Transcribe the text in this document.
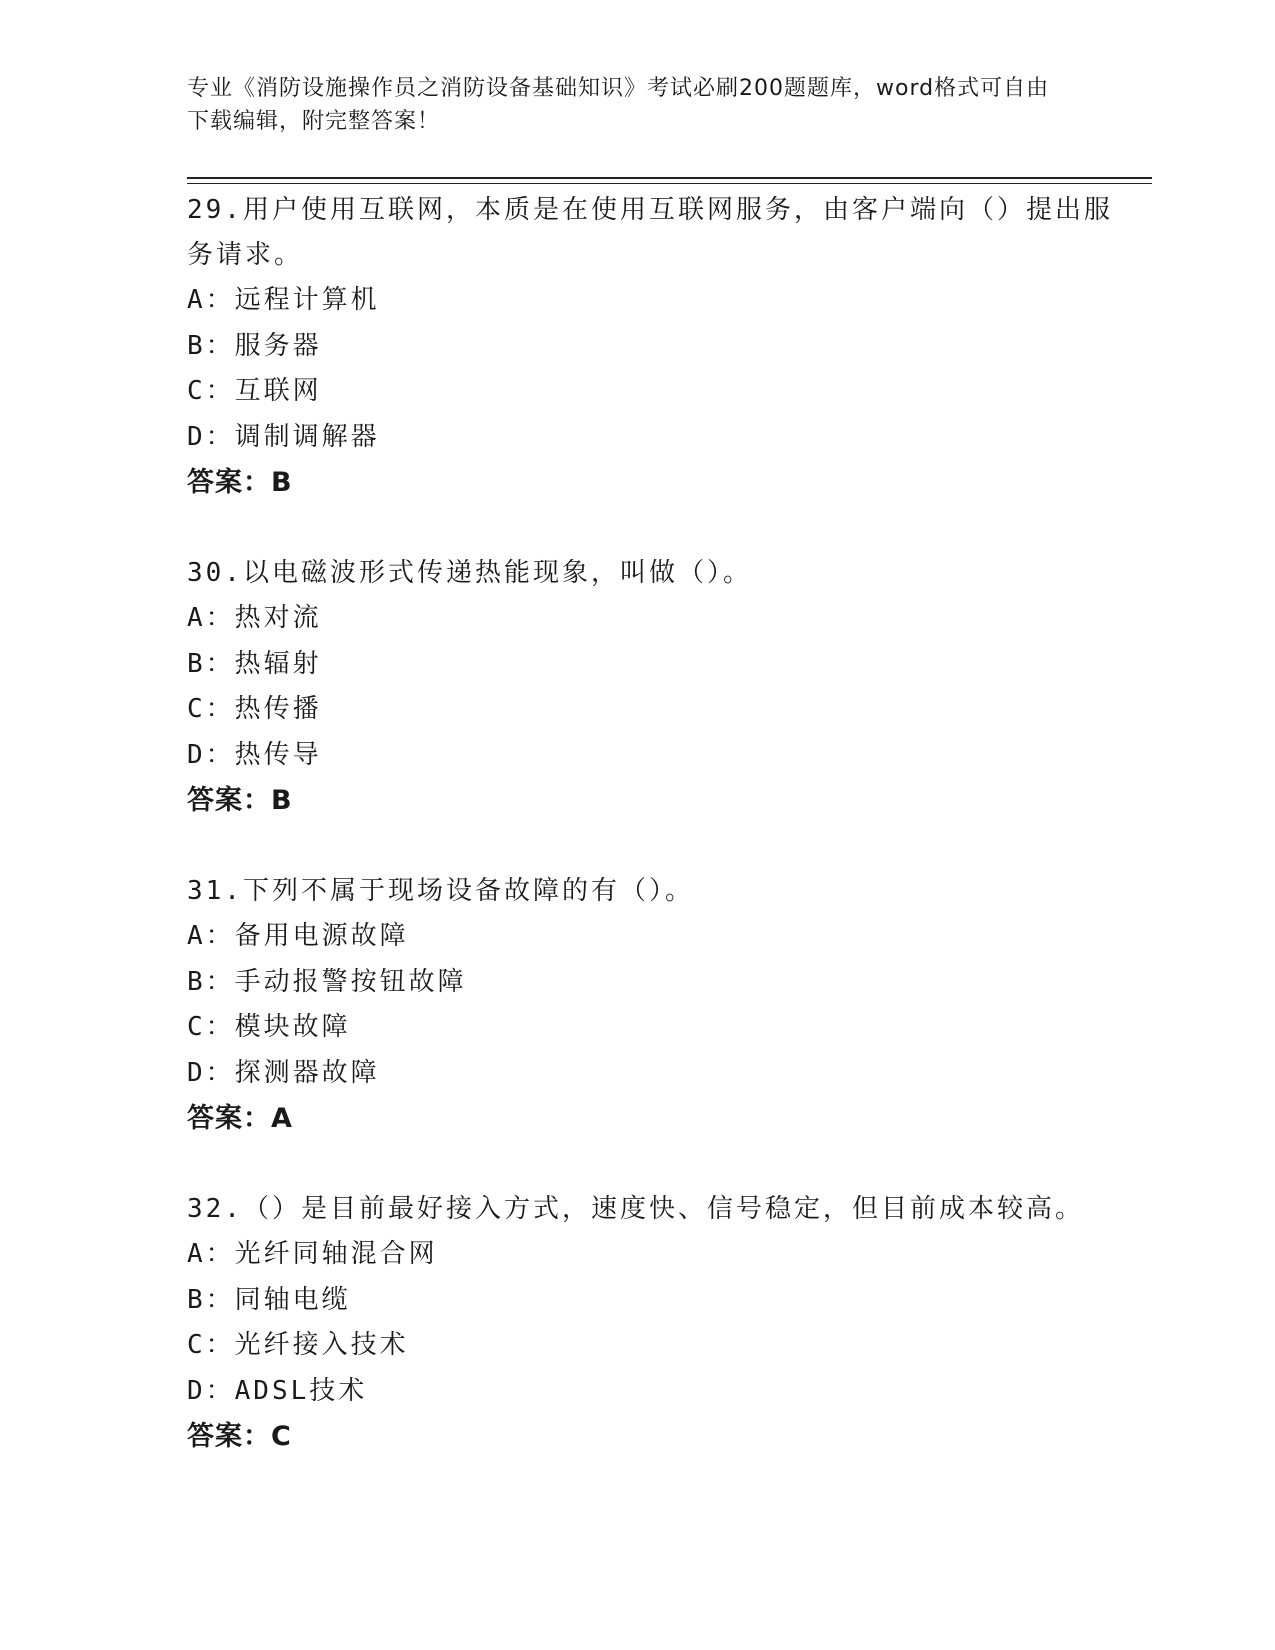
专业《消防设施操作员之消防设备基础知识》考试必刷200题题库，word格式可自由下载编辑，附完整答案！
29.用户使用互联网，本质是在使用互联网服务，由客户端向（）提出服务请求。
A：远程计算机
B：服务器
C：互联网
D：调制调解器
答案：B
30.以电磁波形式传递热能现象，叫做（）。
A：热对流
B：热辐射
C：热传播
D：热传导
答案：B
31.下列不属于现场设备故障的有（）。
A：备用电源故障
B：手动报警按钮故障
C：模块故障
D：探测器故障
答案：A
32.（）是目前最好接入方式，速度快、信号稳定，但目前成本较高。
A：光纤同轴混合网
B：同轴电缆
C：光纤接入技术
D：ADSL技术
答案：C
